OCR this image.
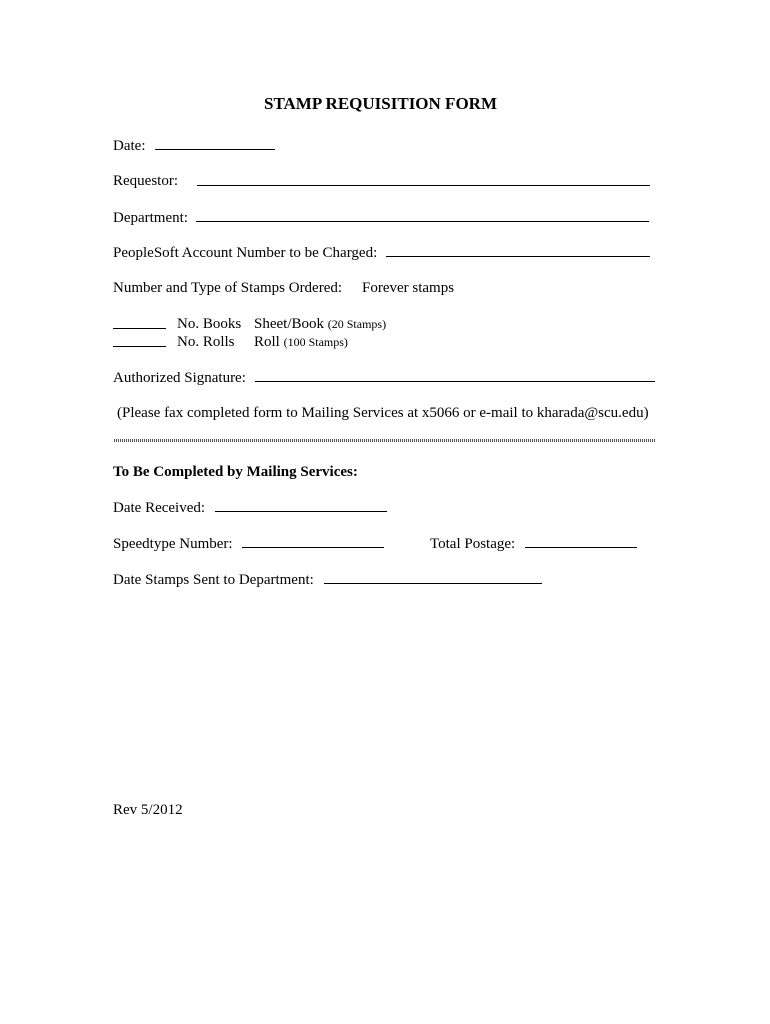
STAMP REQUISITION FORM
Date:
Requestor:
Department:
PeopleSoft Account Number to be Charged:
Number and Type of Stamps Ordered: Forever stamps
No. Books Sheet/Book (20 Stamps)
No. Rolls Roll (100 Stamps)
Authorized Signature:
(Please fax completed form to Mailing Services at x5066 or e-mail to kharada@scu.edu)
To Be Completed by Mailing Services:
Date Received:
Speedtype Number:	Total Postage:
Date Stamps Sent to Department:
Rev 5/2012
